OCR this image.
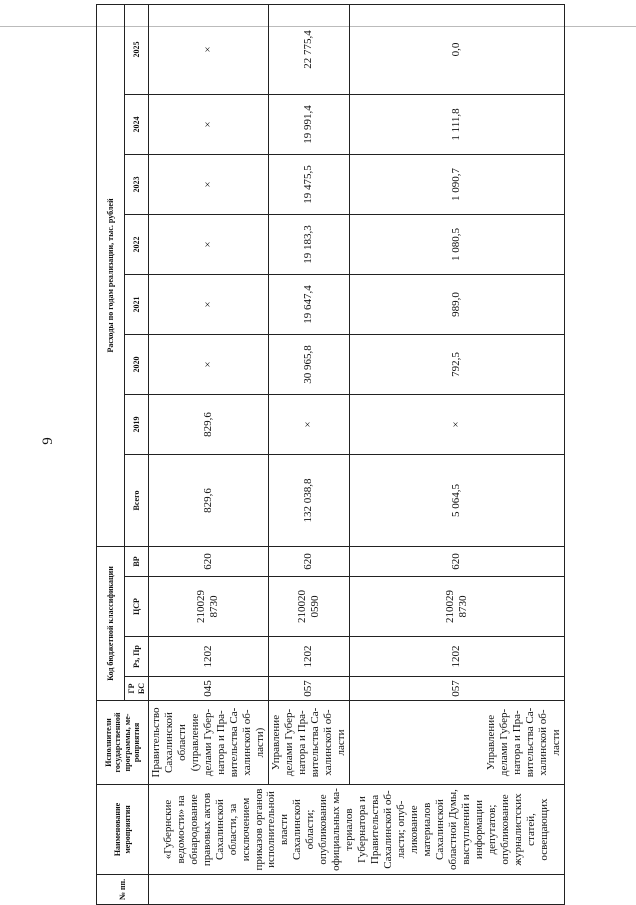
9
№ пп.	Наименование мероприятия	Исполнители государственной программы, мероприятия	Код бюджетной классификации				Расходы по годам реализации, тыс. рублей							
			ГР БС	Рз, Пр	ЦСР	ВР	Всего	2019	2020	2021	2022	2023	2024	2025
	«Губернские ведомости» на обнародование правовых актов Сахалинской области, за исключением приказов органов исполнительной власти Сахалинской области; опубликование официальных материалов Губернатора и Правительства Сахалинской области; опубликование материалов Сахалинской областной Думы, выступлений и информации депутатов; опубликование журналистских статей, освещающих	Правительство Сахалинской области (управление делами Губернатора и Правительства Сахалинской области)	045	1202	210029 8730	620	829,6	829,6	×	×	×	×	×	×
		Управление делами Губернатора и Правительства Сахалинской области	057	1202	210020 0590	620	132 038,8	×	30 965,8	19 647,4	19 183,3	19 475,5	19 991,4	22 775,4
		Управление делами Губернатора и Правительства Сахалинской области	057	1202	210029 8730	620	5 064,5	×	792,5	989,0	1 080,5	1 090,7	1 111,8	0,0
